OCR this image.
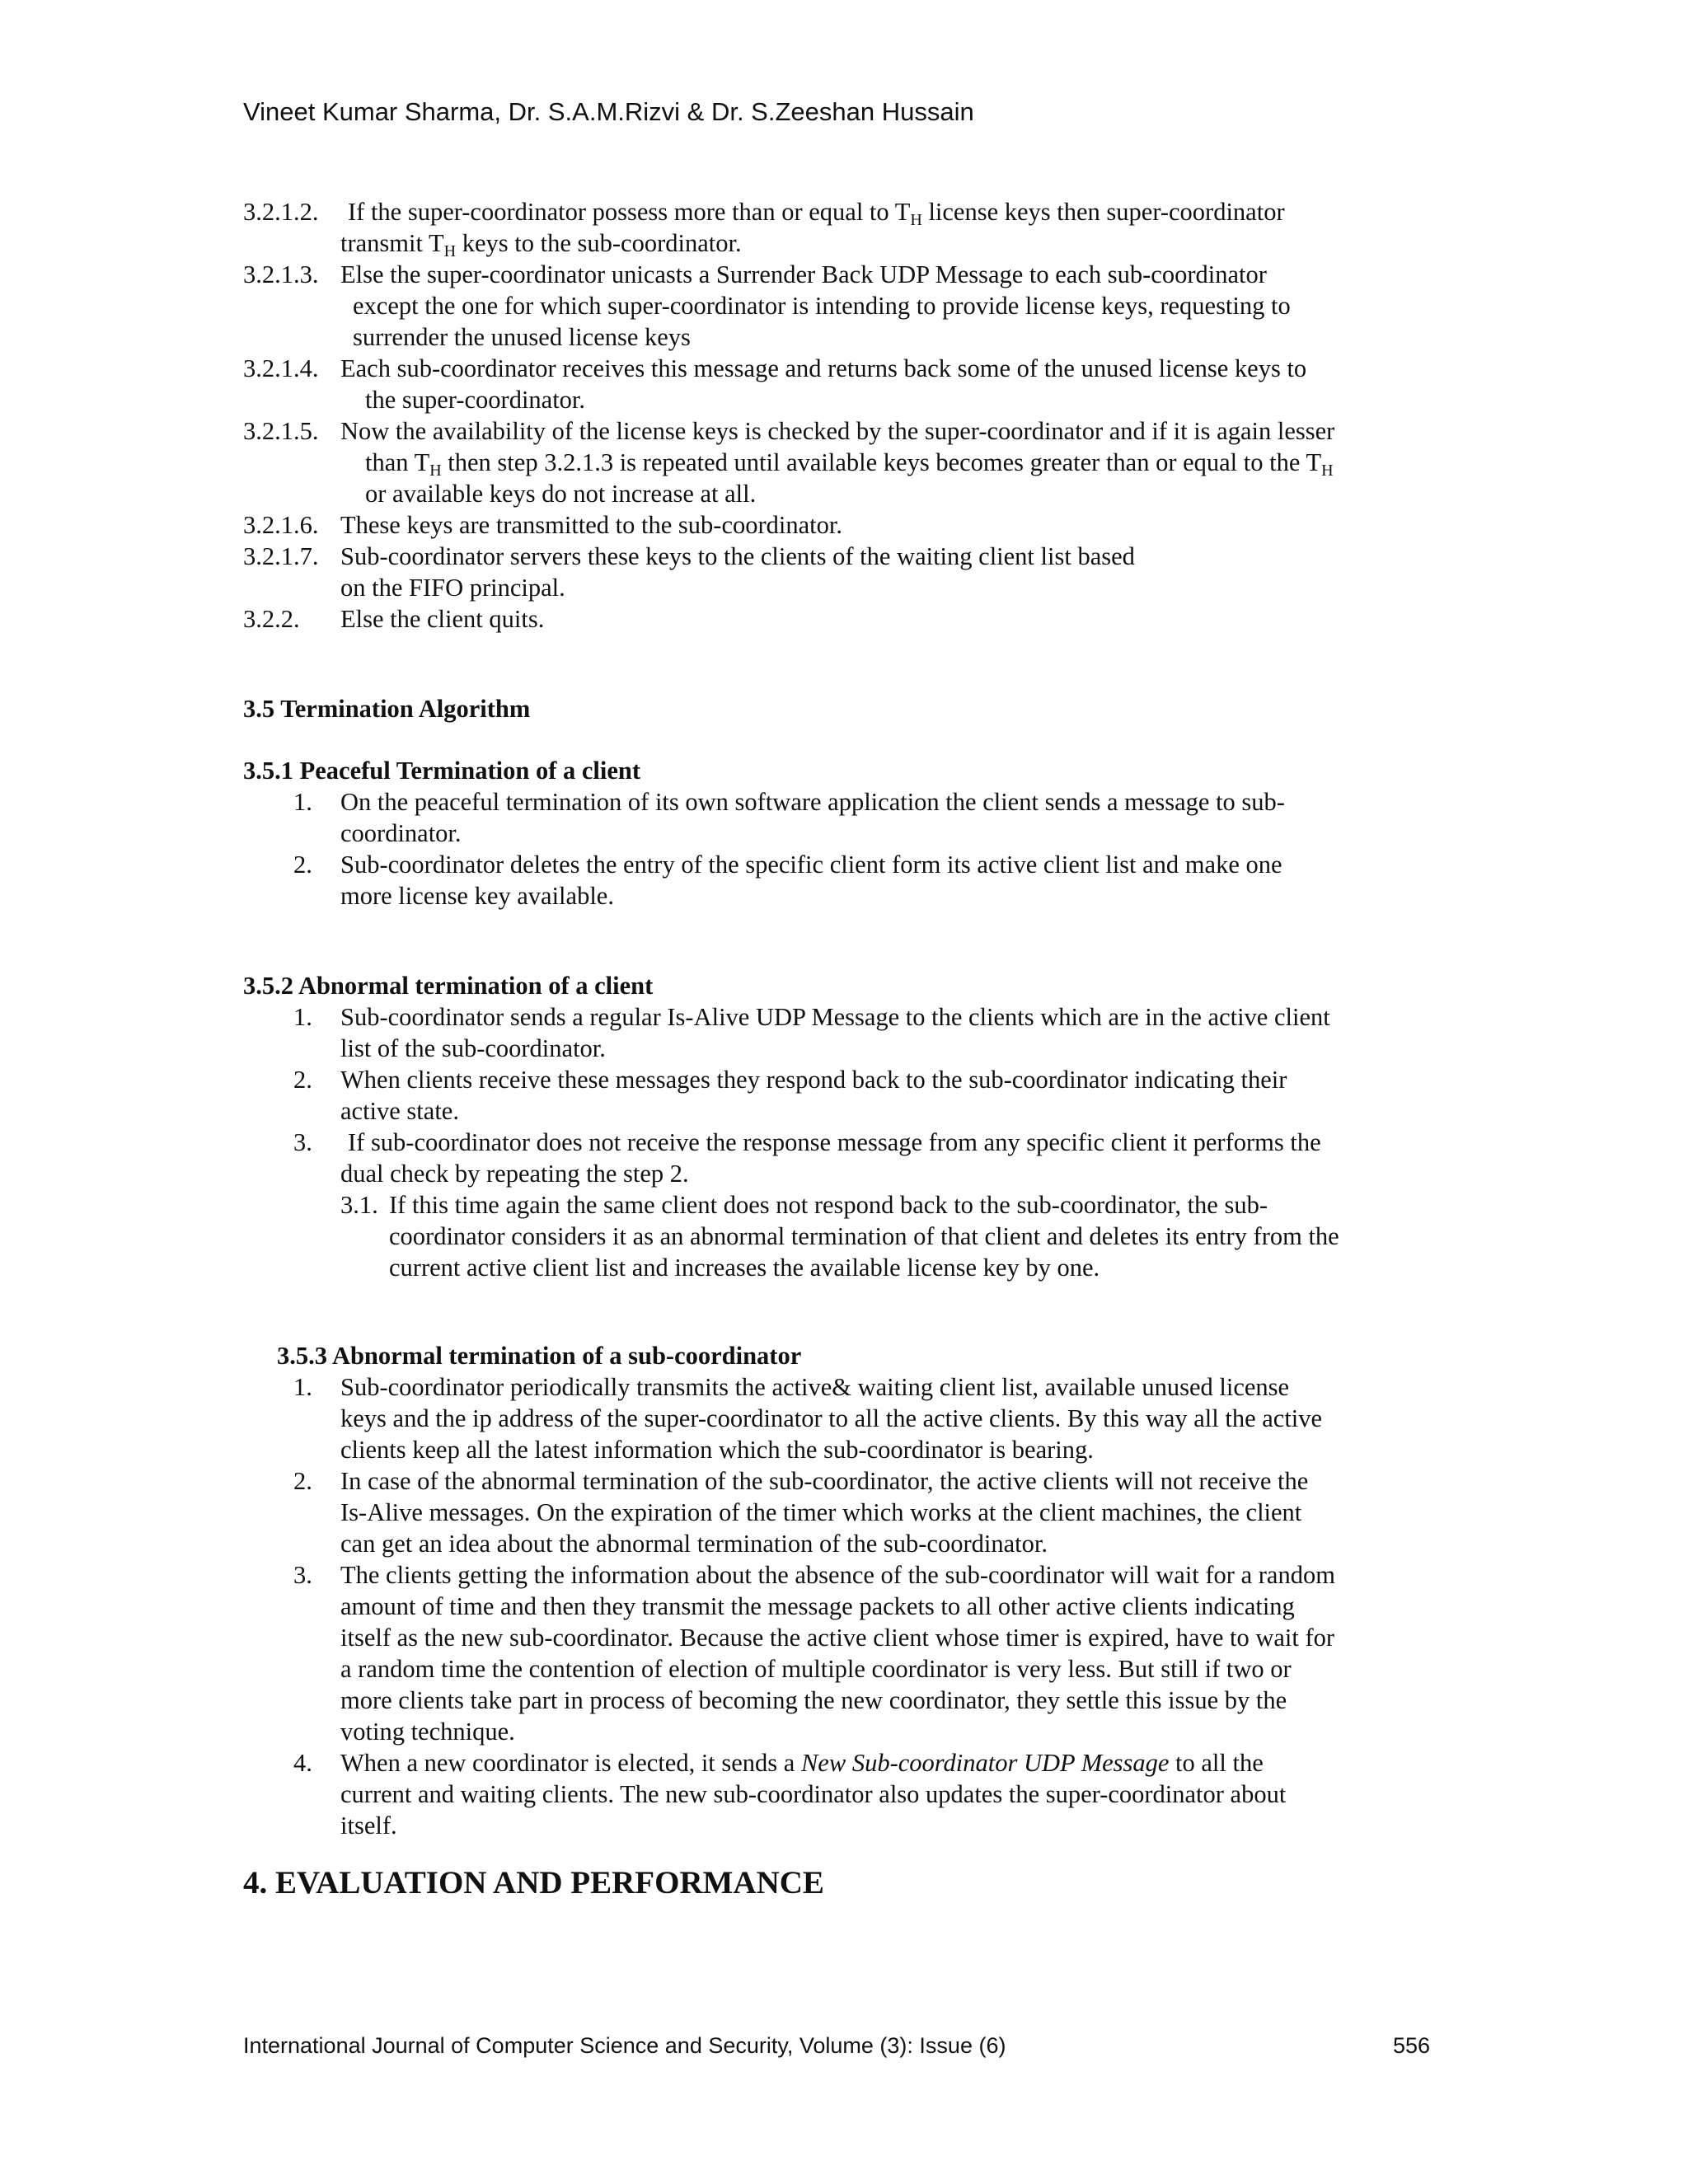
Vineet Kumar Sharma, Dr. S.A.M.Rizvi & Dr. S.Zeeshan Hussain
3.2.1.2. If the super-coordinator possess more than or equal to $T_H$ license keys then super-coordinator
transmit $T_H$ keys to the sub-coordinator.
3.2.1.3. Else the super-coordinator unicasts a Surrender Back UDP Message to each sub-coordinator
except the one for which super-coordinator is intending to provide license keys, requesting to
surrender the unused license keys
3.2.1.4. Each sub-coordinator receives this message and returns back some of the unused license keys to
the super-coordinator.
3.2.1.5. Now the availability of the license keys is checked by the super-coordinator and if it is again lesser
than $T_H$ then step 3.2.1.3 is repeated until available keys becomes greater than or equal to the $T_H$
or available keys do not increase at all.
3.2.1.6. These keys are transmitted to the sub-coordinator.
3.2.1.7. Sub-coordinator servers these keys to the clients of the waiting client list based
on the FIFO principal.
3.2.2. Else the client quits.
3.5 Termination Algorithm
3.5.1 Peaceful Termination of a client
1. On the peaceful termination of its own software application the client sends a message to sub-
coordinator.
2. Sub-coordinator deletes the entry of the specific client form its active client list and make one
more license key available.
3.5.2 Abnormal termination of a client
1. Sub-coordinator sends a regular Is-Alive UDP Message to the clients which are in the active client
list of the sub-coordinator.
2. When clients receive these messages they respond back to the sub-coordinator indicating their
active state.
3. If sub-coordinator does not receive the response message from any specific client it performs the
dual check by repeating the step 2.
3.1. If this time again the same client does not respond back to the sub-coordinator, the sub-
coordinator considers it as an abnormal termination of that client and deletes its entry from the
current active client list and increases the available license key by one.
3.5.3 Abnormal termination of a sub-coordinator
1. Sub-coordinator periodically transmits the active& waiting client list, available unused license
keys and the ip address of the super-coordinator to all the active clients. By this way all the active
clients keep all the latest information which the sub-coordinator is bearing.
2. In case of the abnormal termination of the sub-coordinator, the active clients will not receive the
Is-Alive messages. On the expiration of the timer which works at the client machines, the client
can get an idea about the abnormal termination of the sub-coordinator.
3. The clients getting the information about the absence of the sub-coordinator will wait for a random
amount of time and then they transmit the message packets to all other active clients indicating
itself as the new sub-coordinator. Because the active client whose timer is expired, have to wait for
a random time the contention of election of multiple coordinator is very less. But still if two or
more clients take part in process of becoming the new coordinator, they settle this issue by the
voting technique.
4. When a new coordinator is elected, it sends a New Sub-coordinator UDP Message to all the
current and waiting clients. The new sub-coordinator also updates the super-coordinator about
itself.
4. EVALUATION AND PERFORMANCE
International Journal of Computer Science and Security, Volume (3): Issue (6)	556
